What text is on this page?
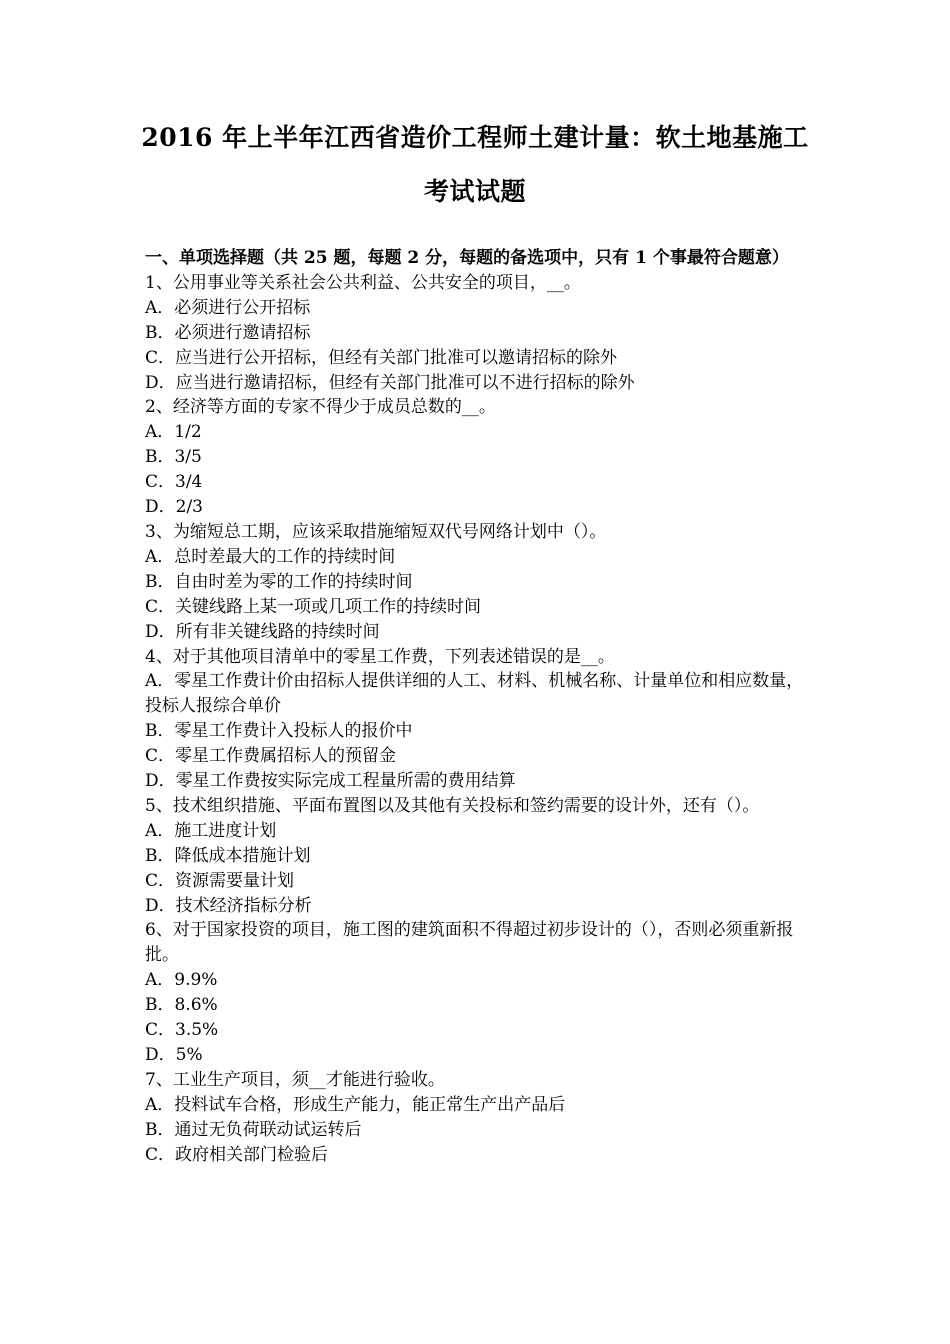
2016 年上半年江西省造价工程师土建计量：软土地基施工
考试试题
一、单项选择题（共 25 题，每题 2 分，每题的备选项中，只有 1 个事最符合题意）
1、公用事业等关系社会公共利益、公共安全的项目，__。
A．必须进行公开招标
B．必须进行邀请招标
C．应当进行公开招标，但经有关部门批准可以邀请招标的除外
D．应当进行邀请招标，但经有关部门批准可以不进行招标的除外
2、经济等方面的专家不得少于成员总数的__。
A．1/2
B．3/5
C．3/4
D．2/3
3、为缩短总工期，应该采取措施缩短双代号网络计划中（）。
A．总时差最大的工作的持续时间
B．自由时差为零的工作的持续时间
C．关键线路上某一项或几项工作的持续时间
D．所有非关键线路的持续时间
4、对于其他项目清单中的零星工作费，下列表述错误的是__。
A．零星工作费计价由招标人提供详细的人工、材料、机械名称、计量单位和相应数量，投标人报综合单价
B．零星工作费计入投标人的报价中
C．零星工作费属招标人的预留金
D．零星工作费按实际完成工程量所需的费用结算
5、技术组织措施、平面布置图以及其他有关投标和签约需要的设计外，还有（）。
A．施工进度计划
B．降低成本措施计划
C．资源需要量计划
D．技术经济指标分析
6、对于国家投资的项目，施工图的建筑面积不得超过初步设计的（），否则必须重新报批。
A．9.9%
B．8.6%
C．3.5%
D．5%
7、工业生产项目，须__才能进行验收。
A．投料试车合格，形成生产能力，能正常生产出产品后
B．通过无负荷联动试运转后
C．政府相关部门检验后
